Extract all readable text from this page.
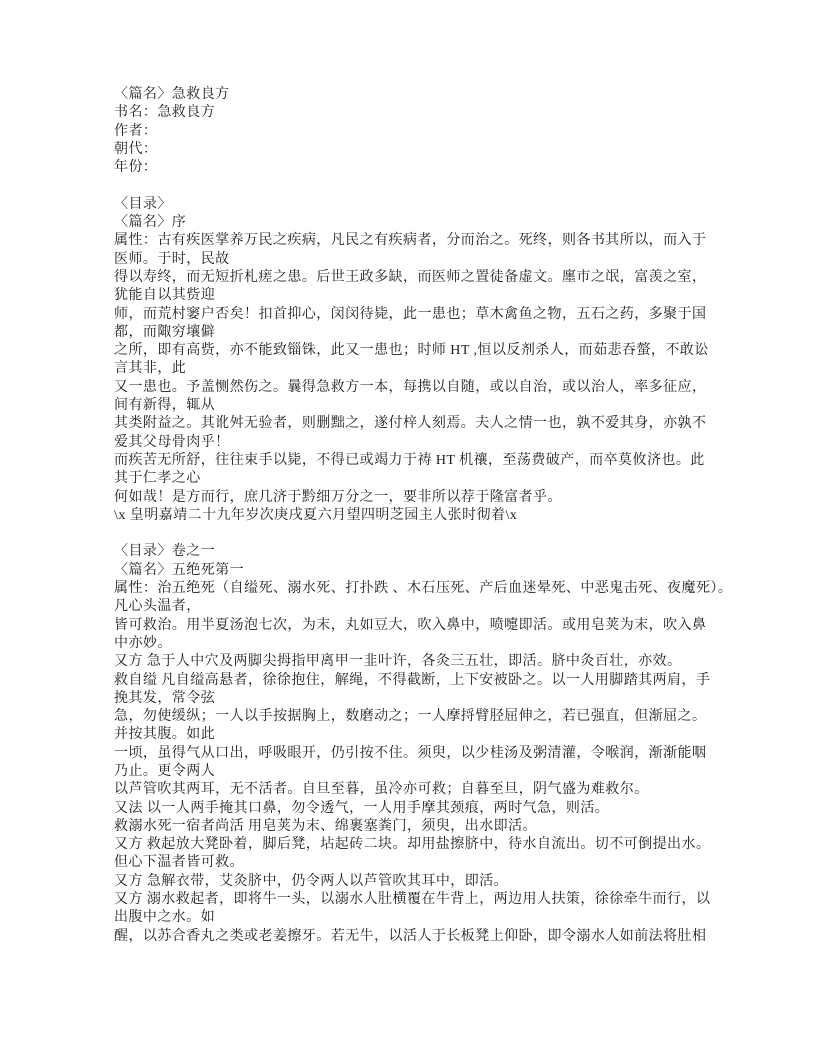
〈篇名〉急救良方
书名：急救良方
作者：
朝代：
年份：

〈目录〉
〈篇名〉序
属性：古有疾医掌养万民之疾病，凡民之有疾病者，分而治之。死终，则各书其所以，而入于
医师。于时，民故
得以寿终，而无短折札瘥之患。后世王政多缺，而医师之置徒备虚文。廛市之氓，富羡之室，
犹能自以其赀迎
师，而荒村窭户否矣！扣首抑心，闵闵待毙，此一患也；草木禽鱼之物，五石之药，多聚于国
都，而陬穷壤僻
之所，即有高赀，亦不能致锱铢，此又一患也；时师 HT ,恒以反剂杀人，而茹悲吞螫，不敢讼
言其非，此
又一患也。予盖恻然伤之。曩得急救方一本，每携以自随，或以自治，或以治人，率多征应，
间有新得，辄从
其类附益之。其讹舛无验者，则删黜之，遂付梓人刻焉。夫人之情一也，孰不爱其身，亦孰不
爱其父母骨肉乎！
而疾苦无所舒，往往束手以毙，不得已或竭力于祷 HT 机禳，至荡费破产，而卒莫攸济也。此
其于仁孝之心
何如哉！是方而行，庶几济于黔细万分之一，要非所以荐于隆富者乎。
\x 皇明嘉靖二十九年岁次庚戌夏六月望四明芝园主人张时彻着\x

〈目录〉卷之一
〈篇名〉五绝死第一
属性：治五绝死（自缢死、溺水死、打扑跌 、木石压死、产后血迷晕死、中恶鬼击死、夜魔死）。
凡心头温者，
皆可救治。用半夏汤泡七次，为末，丸如豆大，吹入鼻中，喷嚏即活。或用皂荚为末，吹入鼻
中亦妙。
又方 急于人中穴及两脚尖拇指甲离甲一韭叶许，各灸三五壮，即活。脐中灸百壮，亦效。
救自缢 凡自缢高悬者，徐徐抱住，解绳，不得截断，上下安被卧之。以一人用脚踏其两肩，手
挽其发，常令弦
急，勿使缓纵；一人以手按据胸上，数磨动之；一人摩捋臂胫屈伸之，若已强直，但渐屈之。
并按其腹。如此
一顷，虽得气从口出，呼吸眼开，仍引按不住。须臾，以少桂汤及粥清灌，令喉润，渐渐能咽
乃止。更令两人
以芦管吹其两耳，无不活者。自旦至暮，虽冷亦可救；自暮至旦，阴气盛为难救尔。
又法 以一人两手掩其口鼻，勿令透气，一人用手摩其颈痕，两时气急，则活。
救溺水死一宿者尚活 用皂荚为末、绵裹塞粪门，须臾，出水即活。
又方 救起放大凳卧着，脚后凳，坫起砖二块。却用盐擦脐中，待水自流出。切不可倒提出水。
但心下温者皆可救。
又方 急解衣带，艾灸脐中，仍令两人以芦管吹其耳中，即活。
又方 溺水救起者，即将牛一头，以溺水人肚横覆在牛背上，两边用人扶策，徐徐牵牛而行，以
出腹中之水。如
醒，以苏合香丸之类或老姜擦牙。若无牛，以活人于长板凳上仰卧，即令溺水人如前法将肚相
